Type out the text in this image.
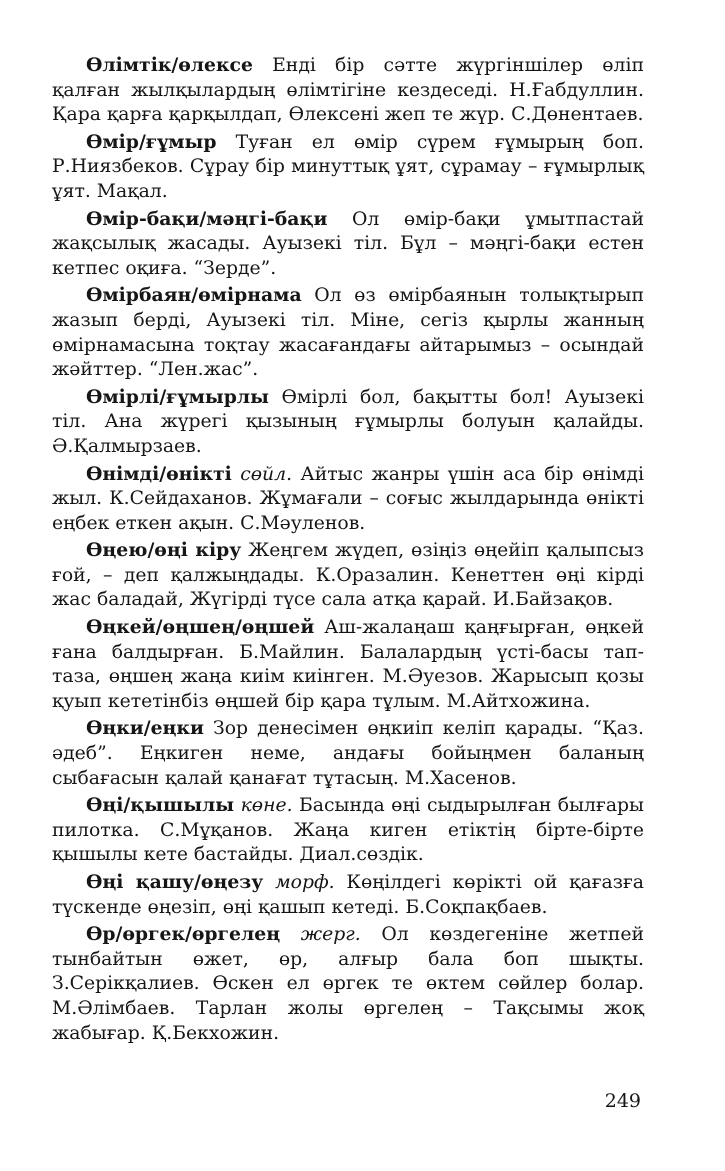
Өлімтік/өлексе Енді бір сәтте жүргіншілер өліп қалған жылқылардың өлімтігіне кездеседі. Н.Ғабдуллин. Қара қарға қарқылдап, Өлексені жеп те жүр. С.Дөнентаев.

Өмір/ғұмыр Туған ел өмір сүрем ғұмырың боп. Р.Ниязбеков. Сұрау бір минуттық ұят, сұрамау – ғұмырлық ұят. Мақал.

Өмір-бақи/мәңгі-бақи Ол өмір-бақи ұмытпастай жақсылық жасады. Ауызекі тіл. Бұл – мәңгі-бақи естен кетпес оқиға. “Зерде”.

Өмірбаян/өмірнама Ол өз өмірбаянын толықтырып жазып берді, Ауызекі тіл. Міне, сегіз қырлы жанның өмірнамасына тоқтау жасағандағы айтарымыз – осындай жәйттер. “Лен.жас”.

Өмірлі/ғұмырлы Өмірлі бол, бақытты бол! Ауызекі тіл. Ана жүрегі қызының ғұмырлы болуын қалайды. Ә.Қалмырзаев.

Өнімді/өнікті сөйл. Айтыс жанры үшін аса бір өнімді жыл. К.Сейдаханов. Жұмағали – соғыс жылдарында өнікті еңбек еткен ақын. С.Мәуленов.

Өңею/өңі кіру Жеңгем жүдеп, өзіңіз өңейіп қалыпсыз ғой, – деп қалжыңдады. К.Оразалин. Кенеттен өңі кірді жас баладай, Жүгірді түсе сала атқа қарай. И.Байзақов.

Өңкей/өңшең/өңшей Аш-жалаңаш қаңғырған, өңкей ғана балдырған. Б.Майлин. Балалардың үсті-басы тап-таза, өңшең жаңа киім киінген. М.Әуезов. Жарысып қозы қуып кететінбіз өңшей бір қара тұлым. М.Айтхожина.

Өңки/еңки Зор денесімен өңкиіп келіп қарады. “Қаз. әдеб”. Еңкиген неме, андағы бойыңмен баланың сыбағасын қалай қанағат тұтасың. М.Хасенов.

Өңі/қышылы көне. Басында өңі сыдырылған былғары пилотка. С.Мұқанов. Жаңа киген етіктің бірте-бірте қышылы кете бастайды. Диал.сөздік.

Өңі қашу/өңезу морф. Көңілдегі көрікті ой қағазға түскенде өңезіп, өңі қашып кетеді. Б.Соқпақбаев.

Өр/өргек/өргелең жерг. Ол көздегеніне жетпей тынбайтын өжет, өр, алғыр бала боп шықты. З.Серікқалиев. Өскен ел өргек те өктем сөйлер болар. М.Әлімбаев. Тарлан жолы өргелең – Тақсымы жоқ жабығар. Қ.Бекхожин.

249
